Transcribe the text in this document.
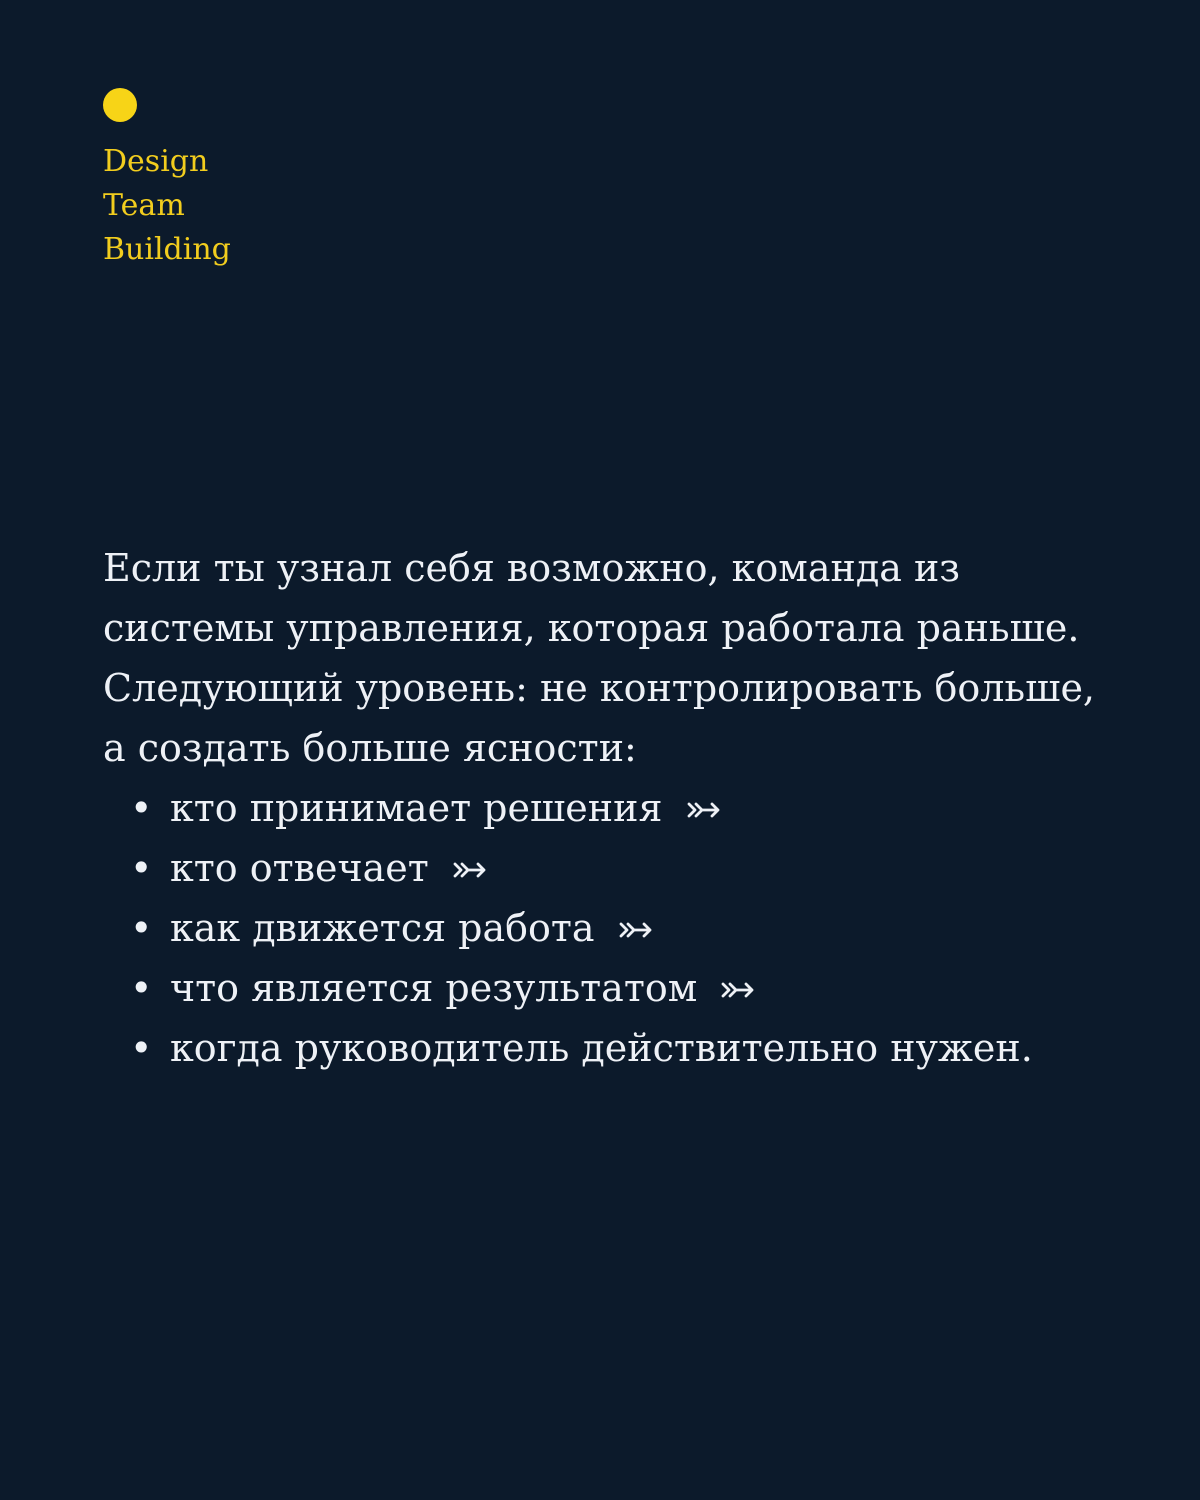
Design
Team
Building

Если ты узнал себя возможно, команда из системы управления, которая работала раньше.

Следующий уровень: не контролировать больше, а создать больше ясности:

• кто принимает решения
• кто отвечает
• как движется работа
• что является результатом
• когда руководитель действительно нужен.
